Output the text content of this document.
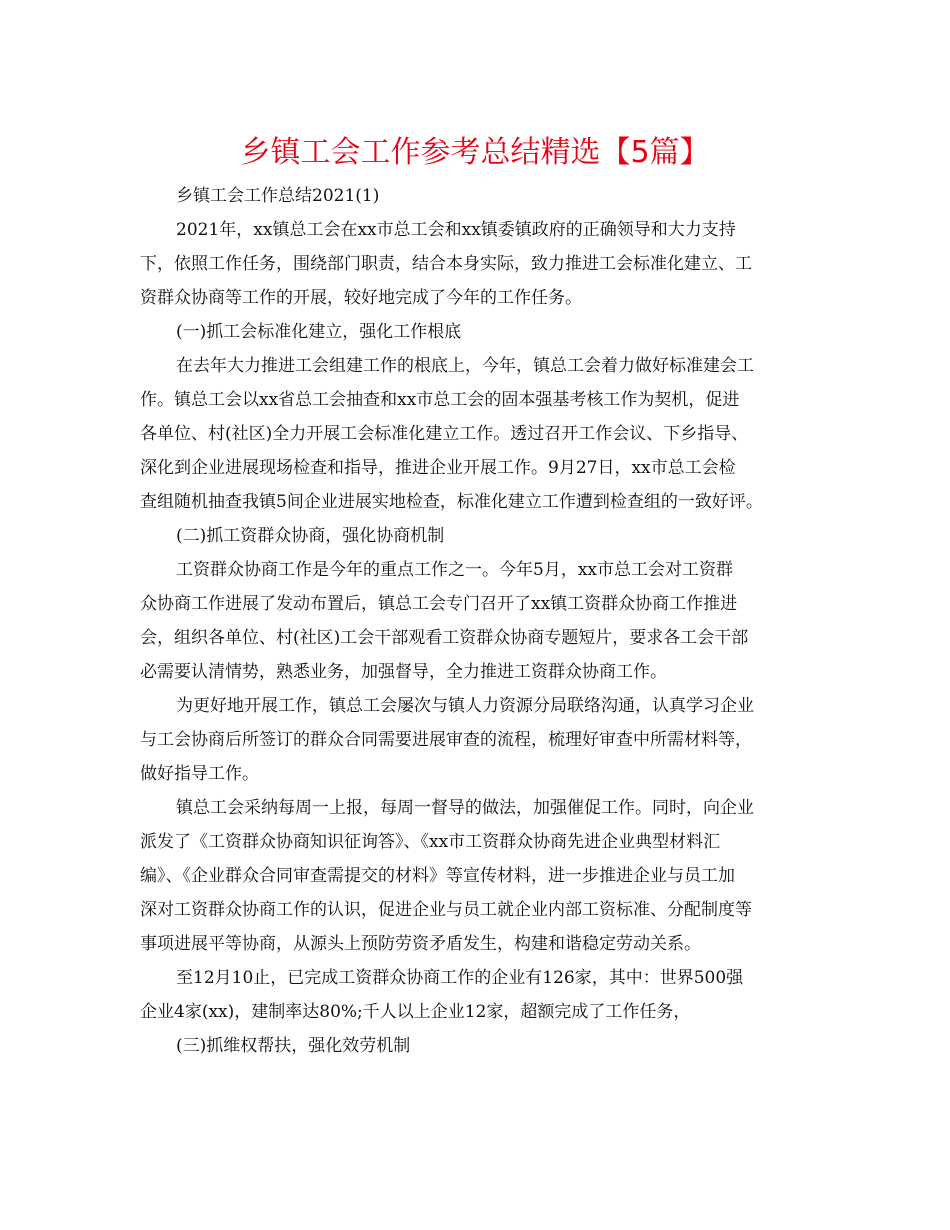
乡镇工会工作参考总结精选【5篇】

乡镇工会工作总结2021(1)

2021年，xx镇总工会在xx市总工会和xx镇委镇政府的正确领导和大力支持
下，依照工作任务，围绕部门职责，结合本身实际，致力推进工会标准化建立、工
资群众协商等工作的开展，较好地完成了今年的工作任务。
(一)抓工会标准化建立，强化工作根底
在去年大力推进工会组建工作的根底上，今年，镇总工会着力做好标准建会工
作。镇总工会以xx省总工会抽查和xx市总工会的固本强基考核工作为契机，促进
各单位、村(社区)全力开展工会标准化建立工作。透过召开工作会议、下乡指导、
深化到企业进展现场检查和指导，推进企业开展工作。9月27日，xx市总工会检
查组随机抽查我镇5间企业进展实地检查，标准化建立工作遭到检查组的一致好评。
(二)抓工资群众协商，强化协商机制
工资群众协商工作是今年的重点工作之一。今年5月，xx市总工会对工资群
众协商工作进展了发动布置后，镇总工会专门召开了xx镇工资群众协商工作推进
会，组织各单位、村(社区)工会干部观看工资群众协商专题短片，要求各工会干部
必需要认清情势，熟悉业务，加强督导，全力推进工资群众协商工作。
为更好地开展工作，镇总工会屡次与镇人力资源分局联络沟通，认真学习企业
与工会协商后所签订的群众合同需要进展审查的流程，梳理好审查中所需材料等，
做好指导工作。
镇总工会采纳每周一上报，每周一督导的做法，加强催促工作。同时，向企业
派发了《工资群众协商知识征询答》、《xx市工资群众协商先进企业典型材料汇
编》、《企业群众合同审查需提交的材料》等宣传材料，进一步推进企业与员工加
深对工资群众协商工作的认识，促进企业与员工就企业内部工资标准、分配制度等
事项进展平等协商，从源头上预防劳资矛盾发生，构建和谐稳定劳动关系。
至12月10止，已完成工资群众协商工作的企业有126家，其中：世界500强
企业4家(xx)，建制率达80%;千人以上企业12家，超额完成了工作任务，
(三)抓维权帮扶，强化效劳机制
